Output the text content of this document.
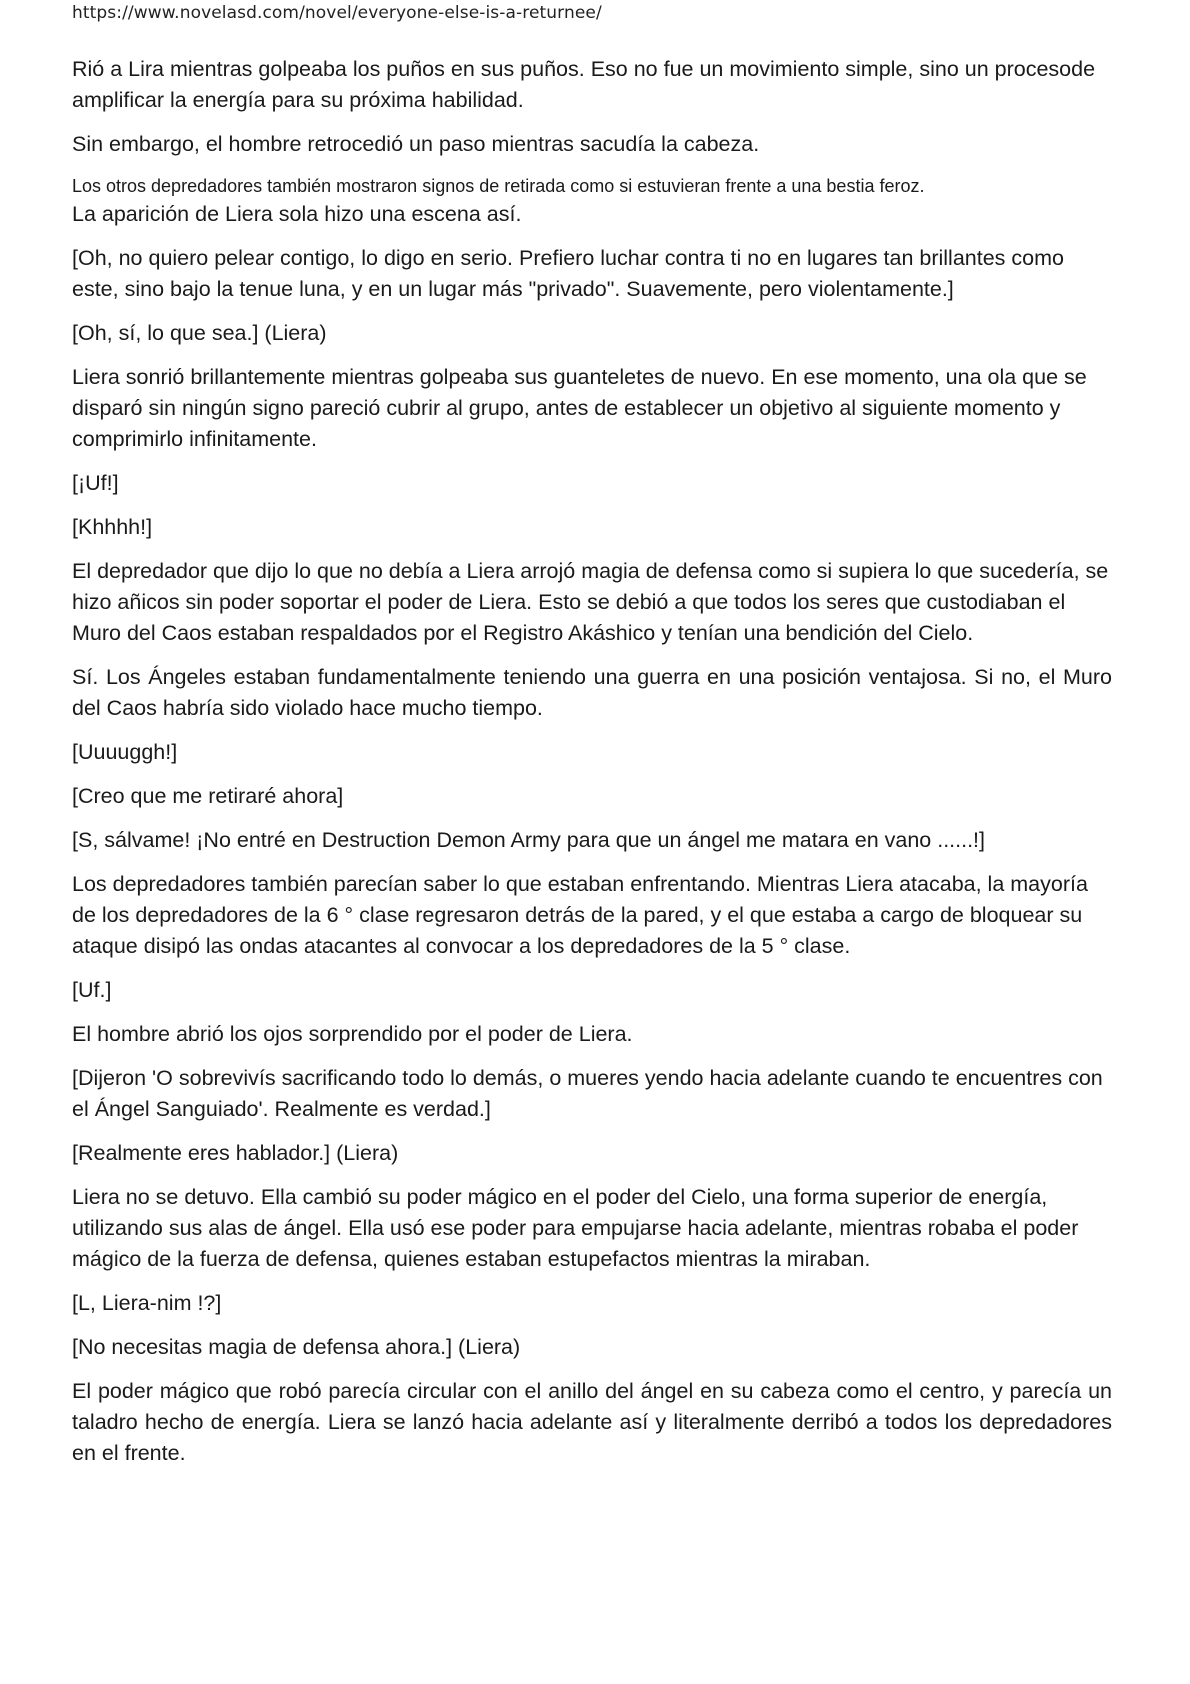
https://www.novelasd.com/novel/everyone-else-is-a-returnee/

Rió a Lira mientras golpeaba los puños en sus puños. Eso no fue un movimiento simple, sino un procesode amplificar la energía para su próxima habilidad.

Sin embargo, el hombre retrocedió un paso mientras sacudía la cabeza.

Los otros depredadores también mostraron signos de retirada como si estuvieran frente a una bestia feroz.

La aparición de Liera sola hizo una escena así.

[Oh, no quiero pelear contigo, lo digo en serio. Prefiero luchar contra ti no en lugares tan brillantes como este, sino bajo la tenue luna, y en un lugar más "privado". Suavemente, pero violentamente.]

[Oh, sí, lo que sea.] (Liera)

Liera sonrió brillantemente mientras golpeaba sus guanteletes de nuevo. En ese momento, una ola que se disparó sin ningún signo pareció cubrir al grupo, antes de establecer un objetivo al siguiente momento y comprimirlo infinitamente.

[¡Uf!]

[Khhhh!]

El depredador que dijo lo que no debía a Liera arrojó magia de defensa como si supiera lo que sucedería, se hizo añicos sin poder soportar el poder de Liera. Esto se debió a que todos los seres que custodiaban el Muro del Caos estaban respaldados por el Registro Akáshico y tenían una bendición del Cielo.

Sí. Los Ángeles estaban fundamentalmente teniendo una guerra en una posición ventajosa. Si no, el Muro del Caos habría sido violado hace mucho tiempo.

[Uuuuggh!]

[Creo que me retiraré ahora]

[S, sálvame! ¡No entré en Destruction Demon Army para que un ángel me matara en vano ......!]

Los depredadores también parecían saber lo que estaban enfrentando. Mientras Liera atacaba, la mayoría de los depredadores de la 6 ° clase regresaron detrás de la pared, y el que estaba a cargo de bloquear su ataque disipó las ondas atacantes al convocar a los depredadores de la 5 ° clase.

[Uf.]

El hombre abrió los ojos sorprendido por el poder de Liera.

[Dijeron 'O sobrevivís sacrificando todo lo demás, o mueres yendo hacia adelante cuando te encuentres con el Ángel Sanguiado'. Realmente es verdad.]

[Realmente eres hablador.] (Liera)

Liera no se detuvo. Ella cambió su poder mágico en el poder del Cielo, una forma superior de energía, utilizando sus alas de ángel. Ella usó ese poder para empujarse hacia adelante, mientras robaba el poder mágico de la fuerza de defensa, quienes estaban estupefactos mientras la miraban.

[L, Liera-nim !?]

[No necesitas magia de defensa ahora.] (Liera)

El poder mágico que robó parecía circular con el anillo del ángel en su cabeza como el centro, y parecía un taladro hecho de energía. Liera se lanzó hacia adelante así y literalmente derribó a todos los depredadores en el frente.
